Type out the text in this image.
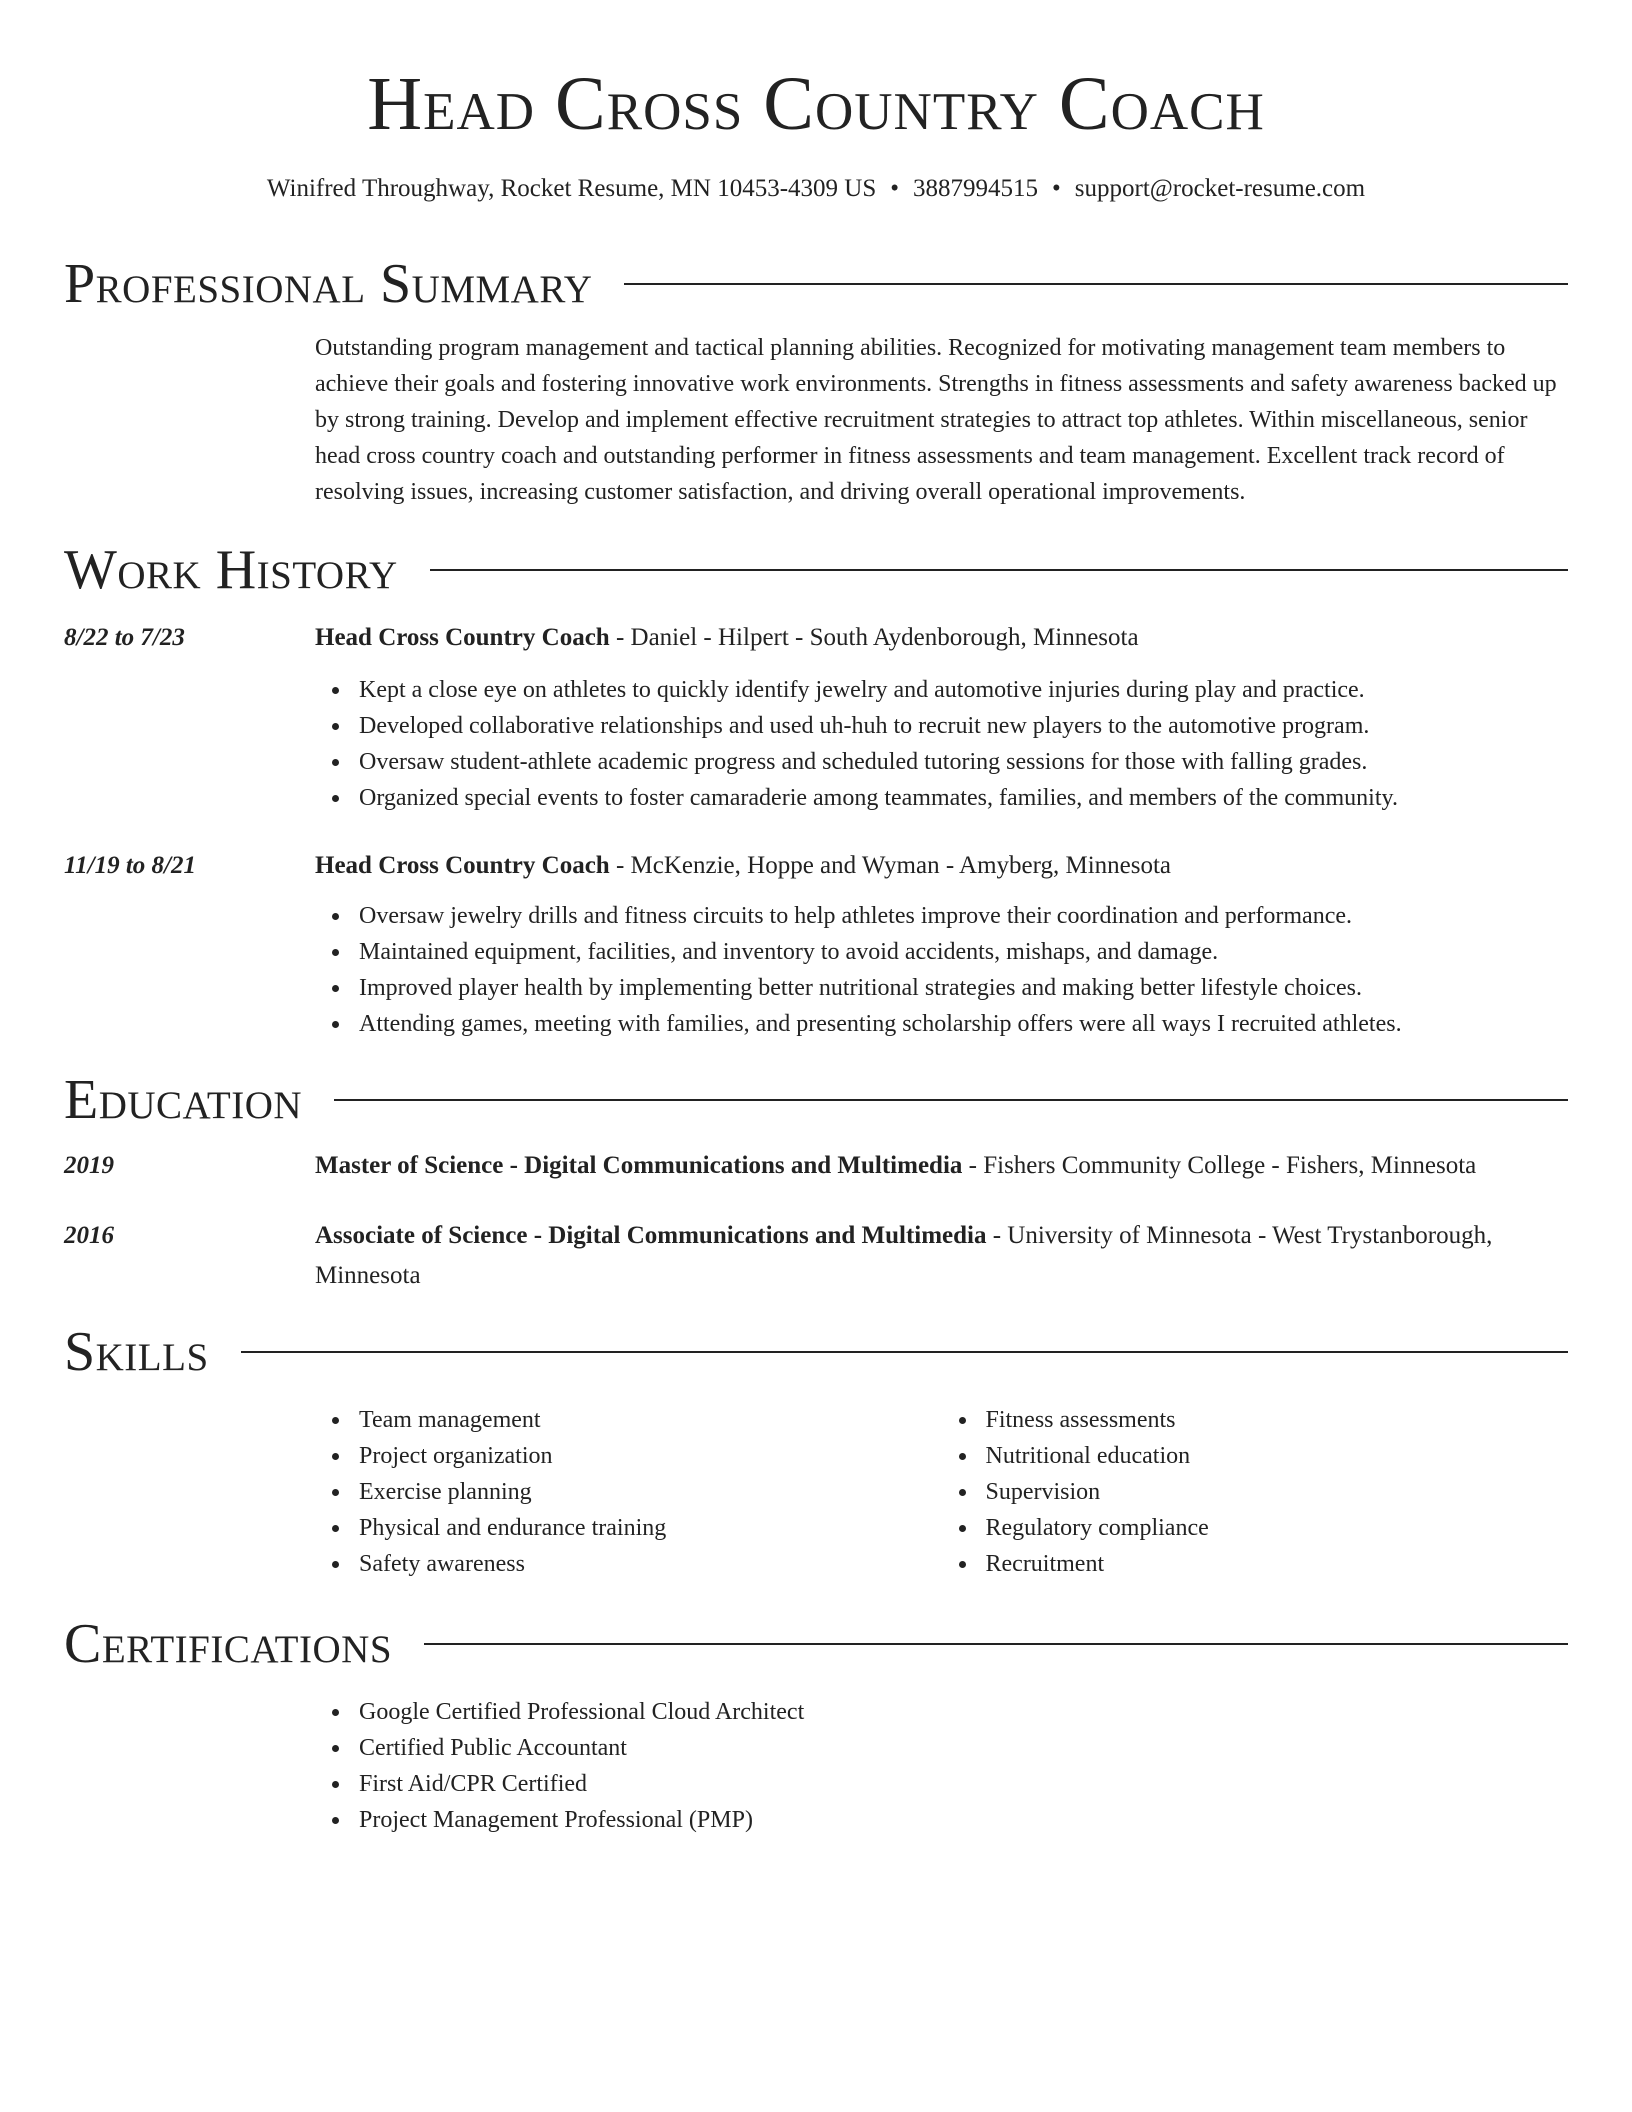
Head Cross Country Coach
Winifred Throughway, Rocket Resume, MN 10453-4309 US • 3887994515 • support@rocket-resume.com
Professional Summary

Outstanding program management and tactical planning abilities. Recognized for motivating management team members to achieve their goals and fostering innovative work environments. Strengths in fitness assessments and safety awareness backed up by strong training. Develop and implement effective recruitment strategies to attract top athletes. Within miscellaneous, senior head cross country coach and outstanding performer in fitness assessments and team management. Excellent track record of resolving issues, increasing customer satisfaction, and driving overall operational improvements.

Work History
8/22 to 7/23	Head Cross Country Coach - Daniel - Hilpert - South Aydenborough, Minnesota
Kept a close eye on athletes to quickly identify jewelry and automotive injuries during play and practice.
Developed collaborative relationships and used uh-huh to recruit new players to the automotive program.
Oversaw student-athlete academic progress and scheduled tutoring sessions for those with falling grades.
Organized special events to foster camaraderie among teammates, families, and members of the community.
11/19 to 8/21	Head Cross Country Coach - McKenzie, Hoppe and Wyman - Amyberg, Minnesota
Oversaw jewelry drills and fitness circuits to help athletes improve their coordination and performance.
Maintained equipment, facilities, and inventory to avoid accidents, mishaps, and damage.
Improved player health by implementing better nutritional strategies and making better lifestyle choices.
Attending games, meeting with families, and presenting scholarship offers were all ways I recruited athletes.
Education
2019	Master of Science - Digital Communications and Multimedia - Fishers Community College - Fishers, Minnesota
2016	Associate of Science - Digital Communications and Multimedia - University of Minnesota - West Trystanborough, Minnesota
Skills
Team management
Project organization
Exercise planning
Physical and endurance training
Safety awareness
Fitness assessments
Nutritional education
Supervision
Regulatory compliance
Recruitment
Certifications
Google Certified Professional Cloud Architect
Certified Public Accountant
First Aid/CPR Certified
Project Management Professional (PMP)
